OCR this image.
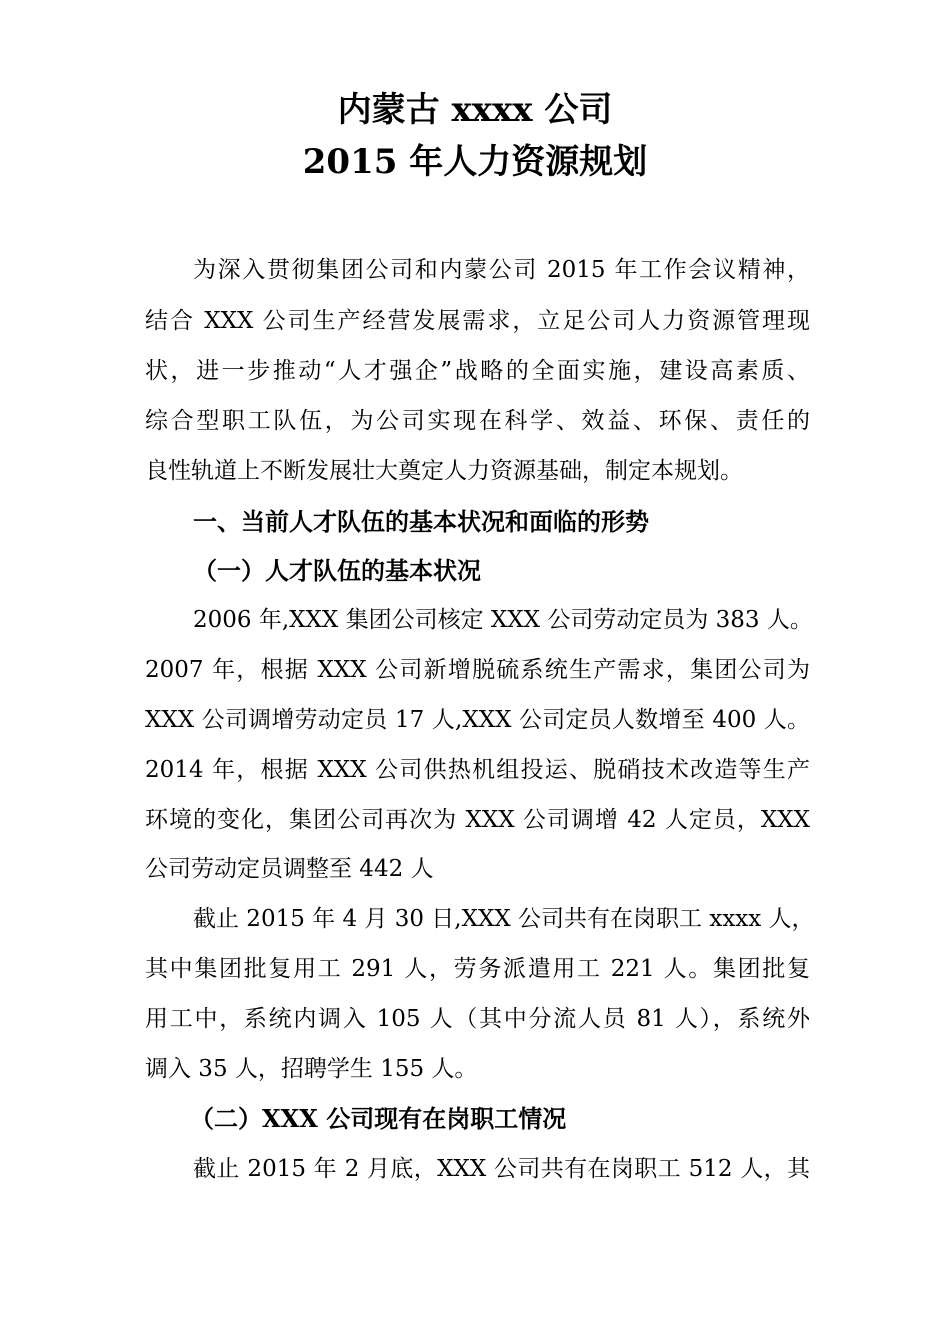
内蒙古 xxxx 公司
2015 年人力资源规划
为深入贯彻集团公司和内蒙公司 2015 年工作会议精神，
结合 XXX 公司生产经营发展需求，立足公司人力资源管理现
状，进一步推动“人才强企”战略的全面实施，建设高素质、
综合型职工队伍，为公司实现在科学、效益、环保、责任的
良性轨道上不断发展壮大奠定人力资源基础，制定本规划。
一、当前人才队伍的基本状况和面临的形势
（一）人才队伍的基本状况
2006 年,XXX 集团公司核定 XXX 公司劳动定员为 383 人。
2007 年，根据 XXX 公司新增脱硫系统生产需求，集团公司为
XXX 公司调增劳动定员 17 人,XXX 公司定员人数增至 400 人。
2014 年，根据 XXX 公司供热机组投运、脱硝技术改造等生产
环境的变化，集团公司再次为 XXX 公司调增 42 人定员，XXX
公司劳动定员调整至 442 人
截止 2015 年 4 月 30 日,XXX 公司共有在岗职工 xxxx 人，
其中集团批复用工 291 人，劳务派遣用工 221 人。集团批复
用工中，系统内调入 105 人（其中分流人员 81 人），系统外
调入 35 人，招聘学生 155 人。
（二）XXX 公司现有在岗职工情况
截止 2015 年 2 月底，XXX 公司共有在岗职工 512 人，其
